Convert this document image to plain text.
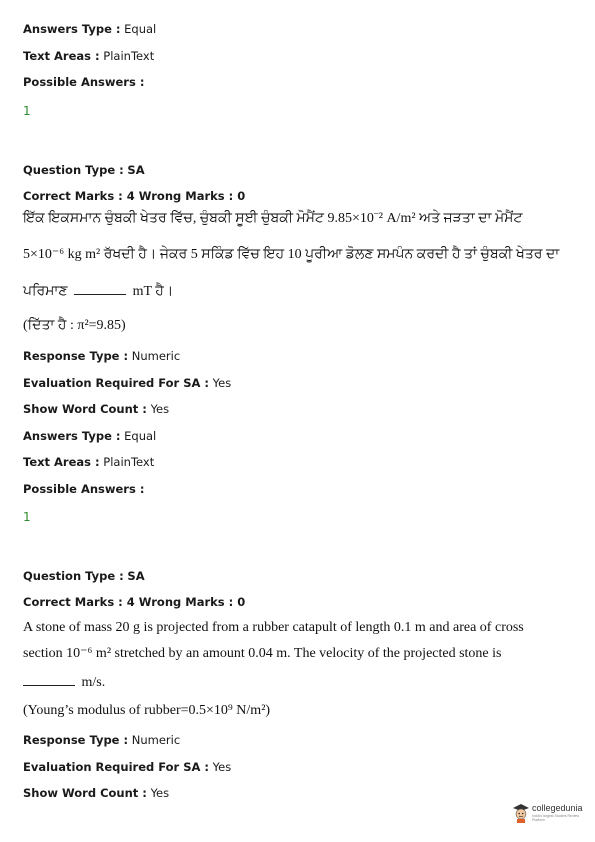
Answers Type : Equal
Text Areas : PlainText
Possible Answers :
1
Question Type : SA
Correct Marks : 4 Wrong Marks : 0
ਇੱਕ ਇਕਸਮਾਨ ਚੁੰਬਕੀ ਖੇਤਰ ਵਿੱਚ, ਚੁੰਬਕੀ ਸੂਈ ਚੁੰਬਕੀ ਮੋਮੈਂਟ 9.85×10⁻² A/m² ਅਤੇ ਜੜਤਾ ਦਾ ਮੋਮੈਂਟ
5×10⁻⁶ kg m² ਰੱਖਦੀ ਹੈ। ਜੇਕਰ 5 ਸਕਿੰਡ ਵਿੱਚ ਇਹ 10 ਪੂਰੀਆ ਡੋਲਣ ਸਮਪੰਨ ਕਰਦੀ ਹੈ ਤਾਂ ਚੁੰਬਕੀ ਖੇਤਰ ਦਾ
ਪਰਿਮਾਣ	mT ਹੈ।
(ਦਿੱਤਾ ਹੈ : π²=9.85)
Response Type : Numeric
Evaluation Required For SA : Yes
Show Word Count : Yes
Answers Type : Equal
Text Areas : PlainText
Possible Answers :
1
Question Type : SA
Correct Marks : 4 Wrong Marks : 0
A stone of mass 20 g is projected from a rubber catapult of length 0.1 m and area of cross
section 10⁻⁶ m² stretched by an amount 0.04 m. The velocity of the projected stone is
m/s.
(Young’s modulus of rubber=0.5×10⁹ N/m²)
Response Type : Numeric
Evaluation Required For SA : Yes
Show Word Count : Yes
collegedunia
India's largest Student Review Platform
